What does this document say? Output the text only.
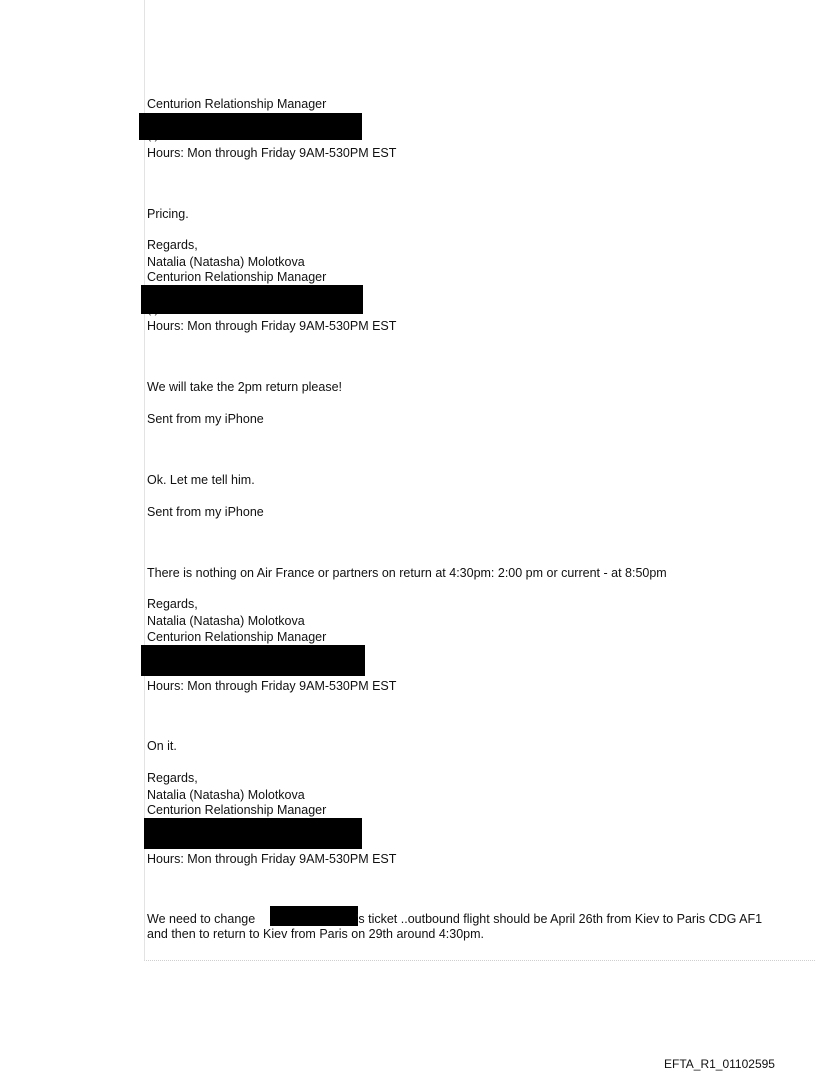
Centurion Relationship Manager
Hours: Mon through Friday 9AM-530PM EST
Pricing.
Regards,
Natalia (Natasha) Molotkova
Centurion Relationship Manager
Hours: Mon through Friday 9AM-530PM EST
We will take the 2pm return please!
Sent from my iPhone
Ok. Let me tell him.
Sent from my iPhone
There is nothing on Air France or partners on return at 4:30pm: 2:00 pm or current - at 8:50pm
Regards,
Natalia (Natasha) Molotkova
Centurion Relationship Manager
Hours: Mon through Friday 9AM-530PM EST
On it.
Regards,
Natalia (Natasha) Molotkova
Centurion Relationship Manager
Hours: Mon through Friday 9AM-530PM EST
We need to change	's ticket ..outbound flight should be April 26th from Kiev to Paris CDG AF1
and then to return to Kiev from Paris on 29th around 4:30pm.
EFTA_R1_01102595
